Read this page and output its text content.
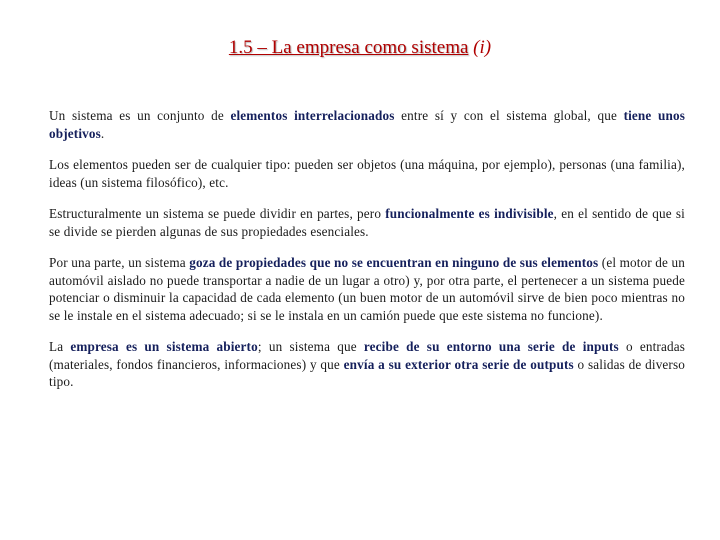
1.5 – La empresa como sistema (i)

Un sistema es un conjunto de elementos interrelacionados entre sí y con el sistema global, que tiene unos objetivos.

Los elementos pueden ser de cualquier tipo: pueden ser objetos (una máquina, por ejemplo), personas (una familia), ideas (un sistema filosófico), etc.

Estructuralmente un sistema se puede dividir en partes, pero funcionalmente es indivisible, en el sentido de que si se divide se pierden algunas de sus propiedades esenciales.

Por una parte, un sistema goza de propiedades que no se encuentran en ninguno de sus elementos (el motor de un automóvil aislado no puede transportar a nadie de un lugar a otro) y, por otra parte, el pertenecer a un sistema puede potenciar o disminuir la capacidad de cada elemento (un buen motor de un automóvil sirve de bien poco mientras no se le instale en el sistema adecuado; si se le instala en un camión puede que este sistema no funcione).

La empresa es un sistema abierto; un sistema que recibe de su entorno una serie de inputs o entradas (materiales, fondos financieros, informaciones) y que envía a su exterior otra serie de outputs o salidas de diverso tipo.
